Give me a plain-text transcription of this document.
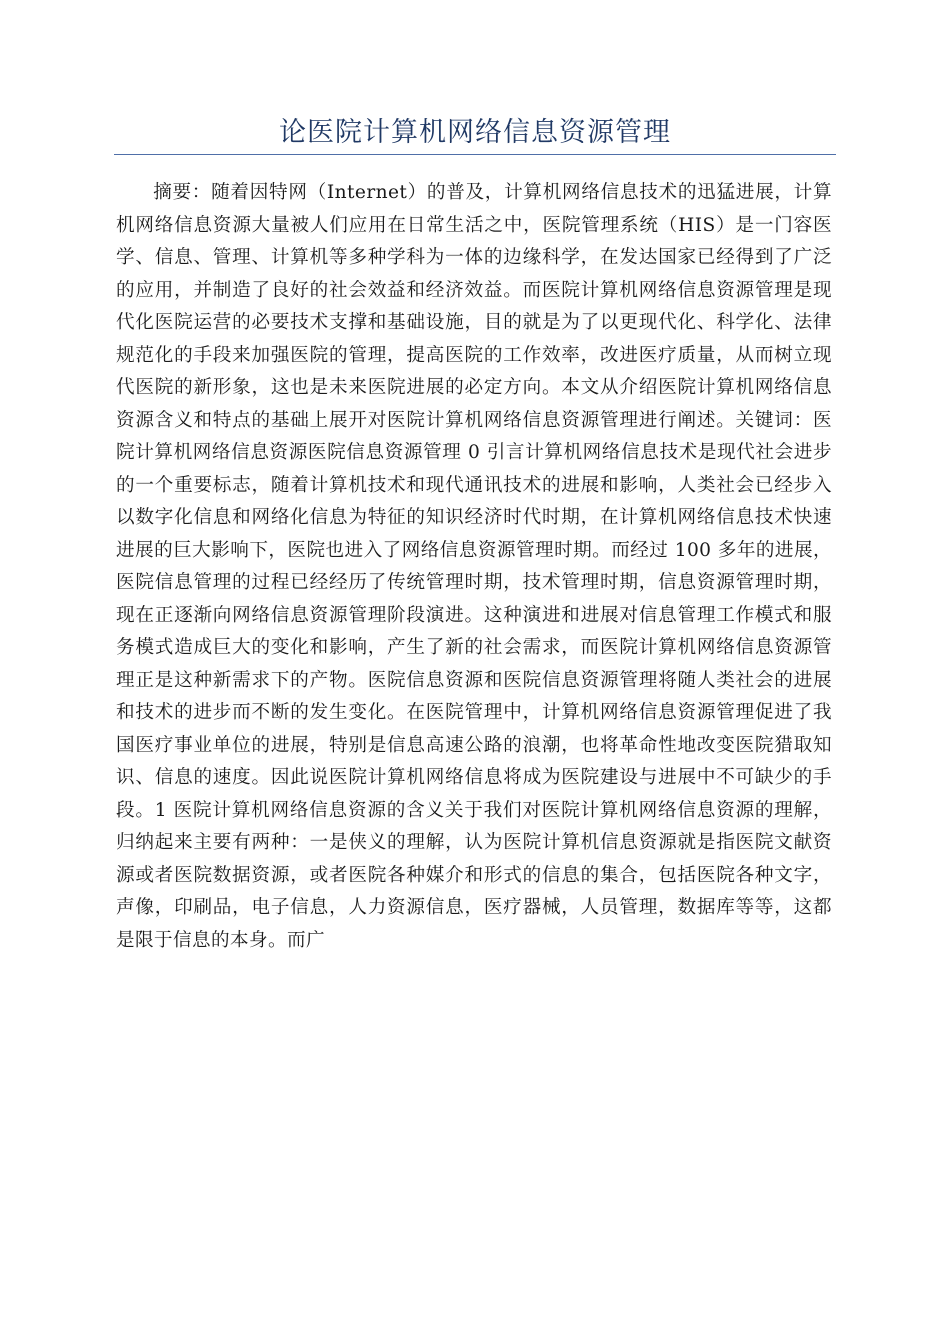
论医院计算机网络信息资源管理

摘要：随着因特网（Internet）的普及，计算机网络信息技术的迅猛进展，计算机网络信息资源大量被人们应用在日常生活之中，医院管理系统（HIS）是一门容医学、信息、管理、计算机等多种学科为一体的边缘科学，在发达国家已经得到了广泛的应用，并制造了良好的社会效益和经济效益。而医院计算机网络信息资源管理是现代化医院运营的必要技术支撑和基础设施，目的就是为了以更现代化、科学化、法律规范化的手段来加强医院的管理，提高医院的工作效率，改进医疗质量，从而树立现代医院的新形象，这也是未来医院进展的必定方向。本文从介绍医院计算机网络信息资源含义和特点的基础上展开对医院计算机网络信息资源管理进行阐述。关键词：医院计算机网络信息资源医院信息资源管理 0 引言计算机网络信息技术是现代社会进步的一个重要标志，随着计算机技术和现代通讯技术的进展和影响，人类社会已经步入以数字化信息和网络化信息为特征的知识经济时代时期，在计算机网络信息技术快速进展的巨大影响下，医院也进入了网络信息资源管理时期。而经过 100 多年的进展，医院信息管理的过程已经经历了传统管理时期，技术管理时期，信息资源管理时期，现在正逐渐向网络信息资源管理阶段演进。这种演进和进展对信息管理工作模式和服务模式造成巨大的变化和影响，产生了新的社会需求，而医院计算机网络信息资源管理正是这种新需求下的产物。医院信息资源和医院信息资源管理将随人类社会的进展和技术的进步而不断的发生变化。在医院管理中，计算机网络信息资源管理促进了我国医疗事业单位的进展，特别是信息高速公路的浪潮，也将革命性地改变医院猎取知识、信息的速度。因此说医院计算机网络信息将成为医院建设与进展中不可缺少的手段。1 医院计算机网络信息资源的含义关于我们对医院计算机网络信息资源的理解，归纳起来主要有两种：一是侠义的理解，认为医院计算机信息资源就是指医院文献资源或者医院数据资源，或者医院各种媒介和形式的信息的集合，包括医院各种文字，声像，印刷品，电子信息，人力资源信息，医疗器械，人员管理，数据库等等，这都是限于信息的本身。而广
